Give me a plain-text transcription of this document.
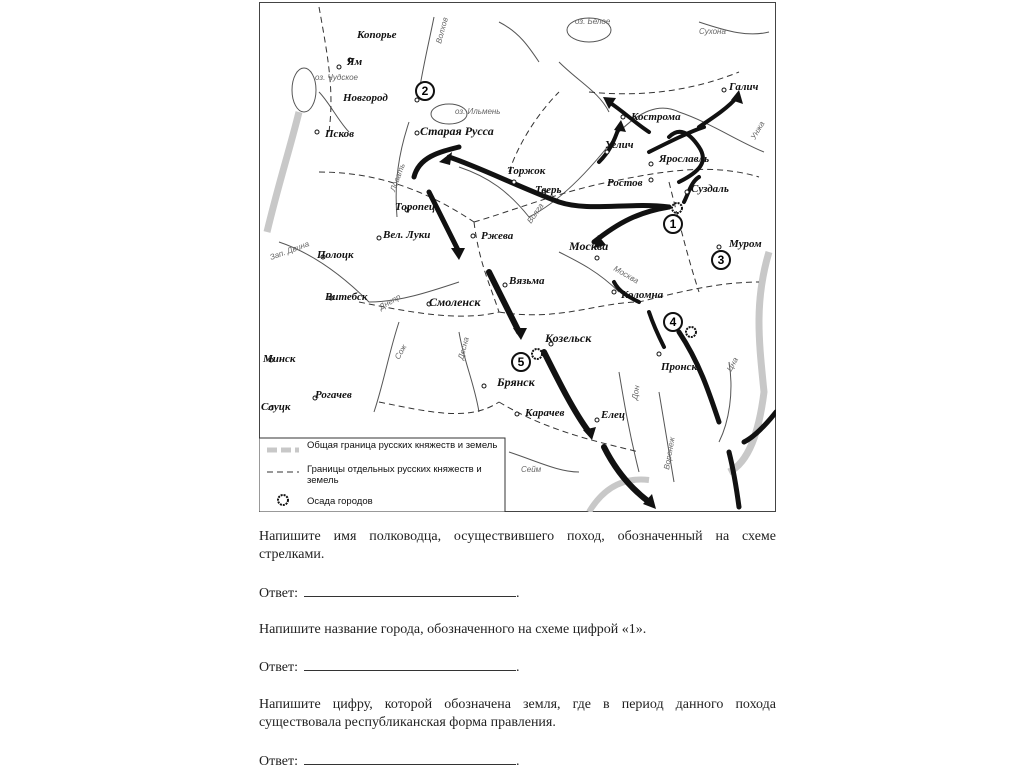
Копорье
Ям
Новгород
Псков	Старая Русса
Торжок
Тверь
Торопец
Ржева
Вел. Луки
Полоцк
Витебск	Смоленск
Вязьма
Москва
Коломна
Козельск
Брянск
Карачев
Минск
Рогачев
Слуцк
Углич
Ярославль
Кострома
Галич
Ростов	Суздаль
Муром
Пронск
Елец
Волхов	оз. Белое
Сухона
оз. Чудское
оз. Ильмень
Ловать
Волга
Унжа
Зап. Двина
Днепр
Москва
Десна
Сож
Дон
Цна
Воронеж
Сейм
2
1
3
4
5
Общая граница русских княжеств и земель
Границы отдельных русских княжеств и земель
Осада городов
Напишите имя полководца, осуществившего поход, обозначенный на схеме стрелками.
Ответ:	.
Напишите название города, обозначенного на схеме цифрой «1».
Ответ:	.
Напишите цифру, которой обозначена земля, где в период данного похода существовала республиканская форма правления.
Ответ:	.
